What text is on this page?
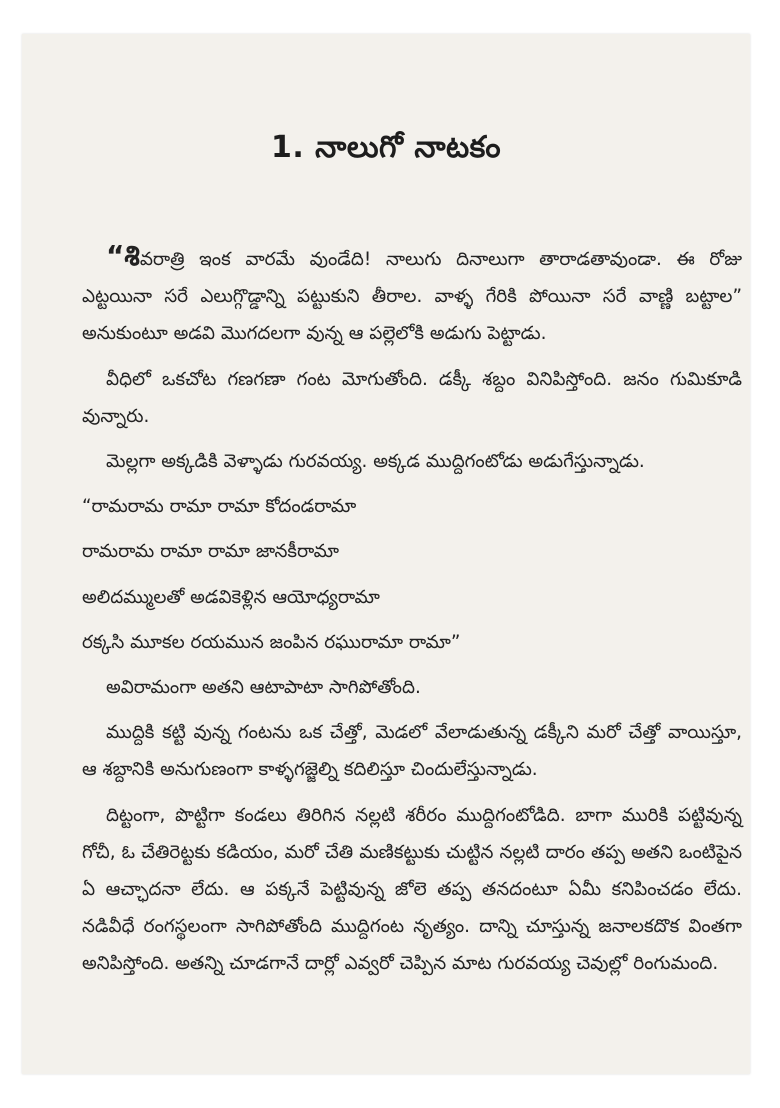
1. నాలుగో నాటకం

“శివరాత్రి ఇంక వారమే వుండేది! నాలుగు దినాలుగా తారాడతావుండా. ఈ రోజు ఎట్టయినా సరే ఎలుగ్గొడ్డాన్ని పట్టుకుని తీరాల. వాళ్ళ గేరికి పోయినా సరే వాణ్ణి బట్టాల” అనుకుంటూ అడవి మొగదలగా వున్న ఆ పల్లెలోకి అడుగు పెట్టాడు.

వీధిలో ఒకచోట గణగణా గంట మోగుతోంది. డక్కీ శబ్దం వినిపిస్తోంది. జనం గుమికూడి వున్నారు.

మెల్లగా అక్కడికి వెళ్ళాడు గురవయ్య. అక్కడ ముద్దిగంటోడు అడుగేస్తున్నాడు.

“రామరామ రామా రామా కోదండరామా

రామరామ రామా రామా జానకీరామా

అలిదమ్ములతో అడవికెళ్లిన ఆయోధ్యరామా

రక్కసి మూకల రయమున జంపిన రఘురామా రామా”

అవిరామంగా అతని ఆటాపాటా సాగిపోతోంది.

ముద్దికి కట్టి వున్న గంటను ఒక చేత్తో, మెడలో వేలాడుతున్న డక్కీని మరో చేత్తో వాయిస్తూ, ఆ శబ్దానికి అనుగుణంగా కాళ్ళగజ్జెల్ని కదిలిస్తూ చిందులేస్తున్నాడు.

దిట్టంగా, పొట్టిగా కండలు తిరిగిన నల్లటి శరీరం ముద్దిగంటోడిది. బాగా మురికి పట్టివున్న గోచీ, ఓ చేతిరెట్టకు కడియం, మరో చేతి మణికట్టుకు చుట్టిన నల్లటి దారం తప్ప అతని ఒంటిపైన ఏ ఆచ్ఛాదనా లేదు. ఆ పక్కనే పెట్టివున్న జోలె తప్ప తనదంటూ ఏమీ కనిపించడం లేదు. నడివీధే రంగస్థలంగా సాగిపోతోంది ముద్దిగంట నృత్యం. దాన్ని చూస్తున్న జనాలకదొక వింతగా అనిపిస్తోంది. అతన్ని చూడగానే దార్లో ఎవ్వరో చెప్పిన మాట గురవయ్య చెవుల్లో రింగుమంది.
